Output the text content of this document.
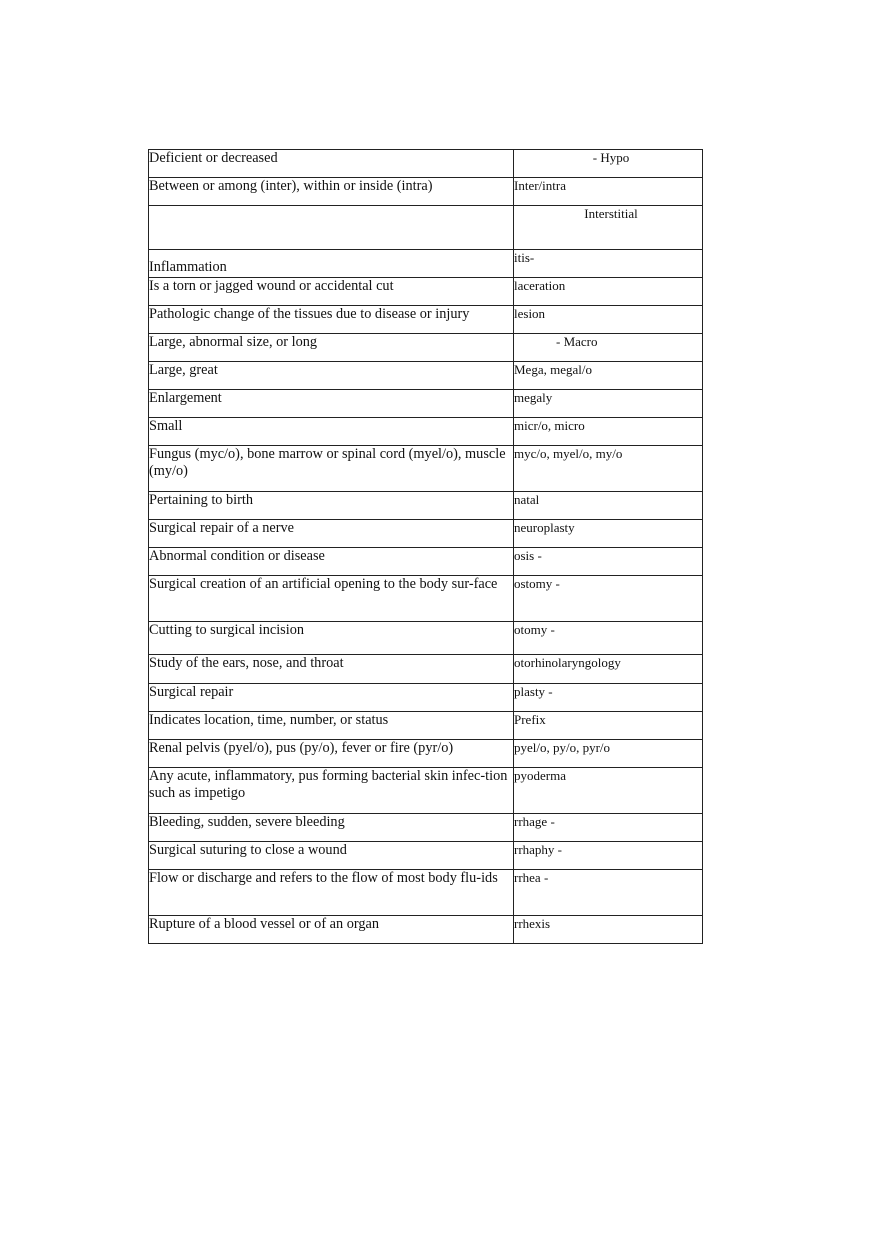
Deficient or decreased	- Hypo
Between or among (inter), within or inside (intra)	Inter/intra
	Interstitial
Inflammation	itis-
Is a torn or jagged wound or accidental cut	laceration
Pathologic change of the tissues due to disease or injury	lesion
Large, abnormal size, or long	- Macro
Large, great	Mega, megal/o
Enlargement	megaly
Small	micr/o, micro
Fungus (myc/o), bone marrow or spinal cord (myel/o), muscle (my/o)	myc/o, myel/o, my/o
Pertaining to birth	natal
Surgical repair of a nerve	neuroplasty
Abnormal condition or disease	osis -
Surgical creation of an artificial opening to the body sur-face	ostomy -
Cutting to surgical incision	otomy -
Study of the ears, nose, and throat	otorhinolaryngology
Surgical repair	plasty -
Indicates location, time, number, or status	Prefix
Renal pelvis (pyel/o), pus (py/o), fever or fire (pyr/o)	pyel/o, py/o, pyr/o
Any acute, inflammatory, pus forming bacterial skin infec-tion such as impetigo	pyoderma
Bleeding, sudden, severe bleeding	rrhage -
Surgical suturing to close a wound	rrhaphy -
Flow or discharge and refers to the flow of most body flu-ids	rrhea -
Rupture of a blood vessel or of an organ	rrhexis
